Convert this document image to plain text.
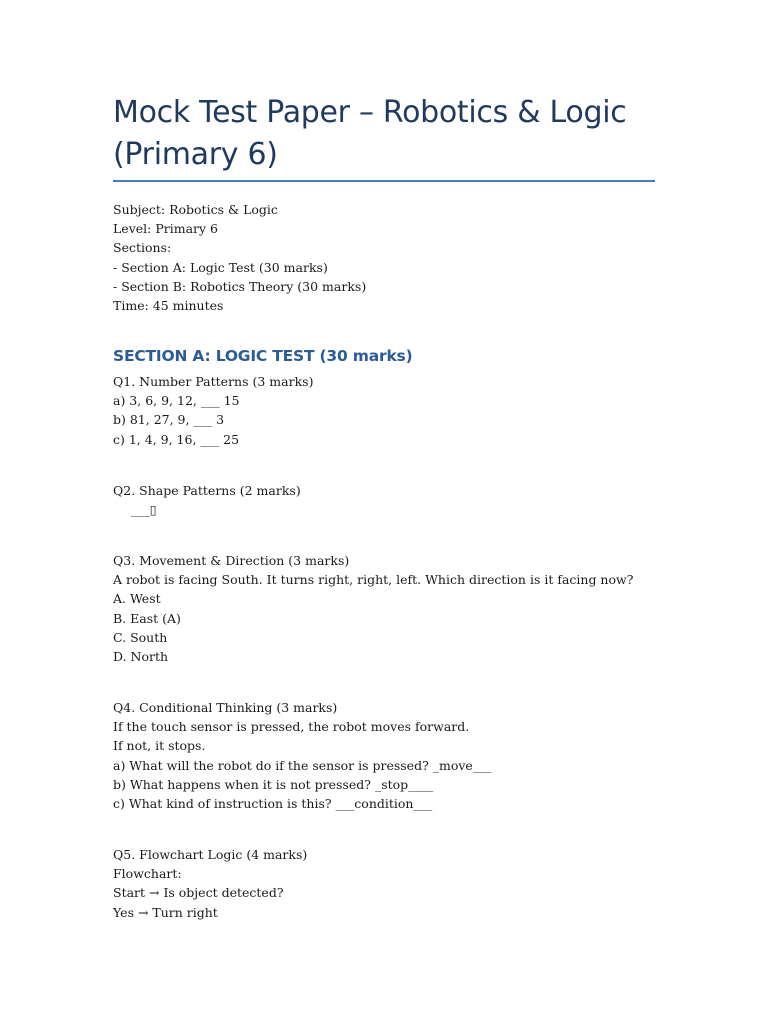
Mock Test Paper – Robotics & Logic (Primary 6)

Subject: Robotics & Logic

Level: Primary 6

Sections:

- Section A: Logic Test (30 marks)

- Section B: Robotics Theory (30 marks)

Time: 45 minutes

SECTION A: LOGIC TEST (30 marks)

Q1. Number Patterns (3 marks)

a) 3, 6, 9, 12, ___ 15

b) 81, 27, 9, ___ 3

c) 1, 4, 9, 16, ___ 25

Q2. Shape Patterns (2 marks)

___▯

Q3. Movement & Direction (3 marks)

A robot is facing South. It turns right, right, left. Which direction is it facing now?

A. West

B. East (A)

C. South

D. North

Q4. Conditional Thinking (3 marks)

If the touch sensor is pressed, the robot moves forward.

If not, it stops.

a) What will the robot do if the sensor is pressed? _move___

b) What happens when it is not pressed? _stop____

c) What kind of instruction is this? ___condition___

Q5. Flowchart Logic (4 marks)

Flowchart:

Start → Is object detected?

Yes → Turn right
